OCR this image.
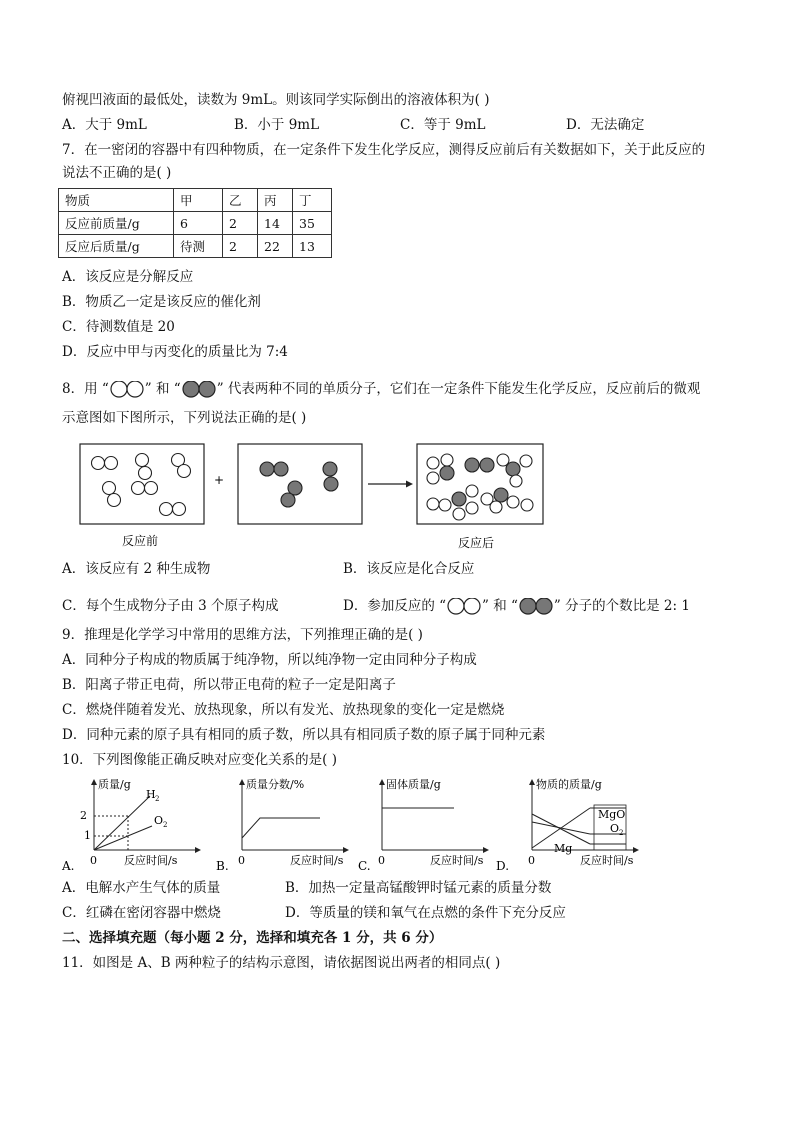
俯视凹液面的最低处，读数为 9mL。则该同学实际倒出的溶液体积为( )
A．大于 9mL	B．小于 9mL	C．等于 9mL	D．无法确定
7．在一密闭的容器中有四种物质，在一定条件下发生化学反应，测得反应前后有关数据如下，关于此反应的
说法不正确的是( )
物质	甲	乙	丙	丁
反应前质量/g	6	2	14	35
反应后质量/g	待测	2	22	13
A．该反应是分解反应
B．物质乙一定是该反应的催化剂
C．待测数值是 20
D．反应中甲与丙变化的质量比为 7:4
8．用 “	” 和 “	” 代表两种不同的单质分子，它们在一定条件下能发生化学反应，反应前后的微观
示意图如下图所示，下列说法正确的是( )
+
反应前	反应后
A．该反应有 2 种生成物	B．该反应是化合反应
C．每个生成物分子由 3 个原子构成	D．参加反应的 “	” 和 “	” 分子的个数比是 2: 1
9．推理是化学学习中常用的思维方法，下列推理正确的是( )
A．同种分子构成的物质属于纯净物，所以纯净物一定由同种分子构成
B．阳离子带正电荷，所以带正电荷的粒子一定是阳离子
C．燃烧伴随着发光、放热现象，所以有发光、放热现象的变化一定是燃烧
D．同种元素的原子具有相同的质子数，所以具有相同质子数的原子属于同种元素
10．下列图像能正确反映对应变化关系的是( )
质量/g
2
1
0 反应时间/s
H 2
O 2
A.
质量分数/%
0	反应时间/s
B.
固体质量/g
0	反应时间/s
C.
物质的质量/g
0	反应时间/s
MgO
O 2
Mg
D.
A．电解水产生气体的质量	B．加热一定量高锰酸钾时锰元素的质量分数
C．红磷在密闭容器中燃烧	D．等质量的镁和氧气在点燃的条件下充分反应
二、选择填充题（每小题 2 分，选择和填充各 1 分，共 6 分）
11．如图是 A、B 两种粒子的结构示意图，请依据图说出两者的相同点( )
